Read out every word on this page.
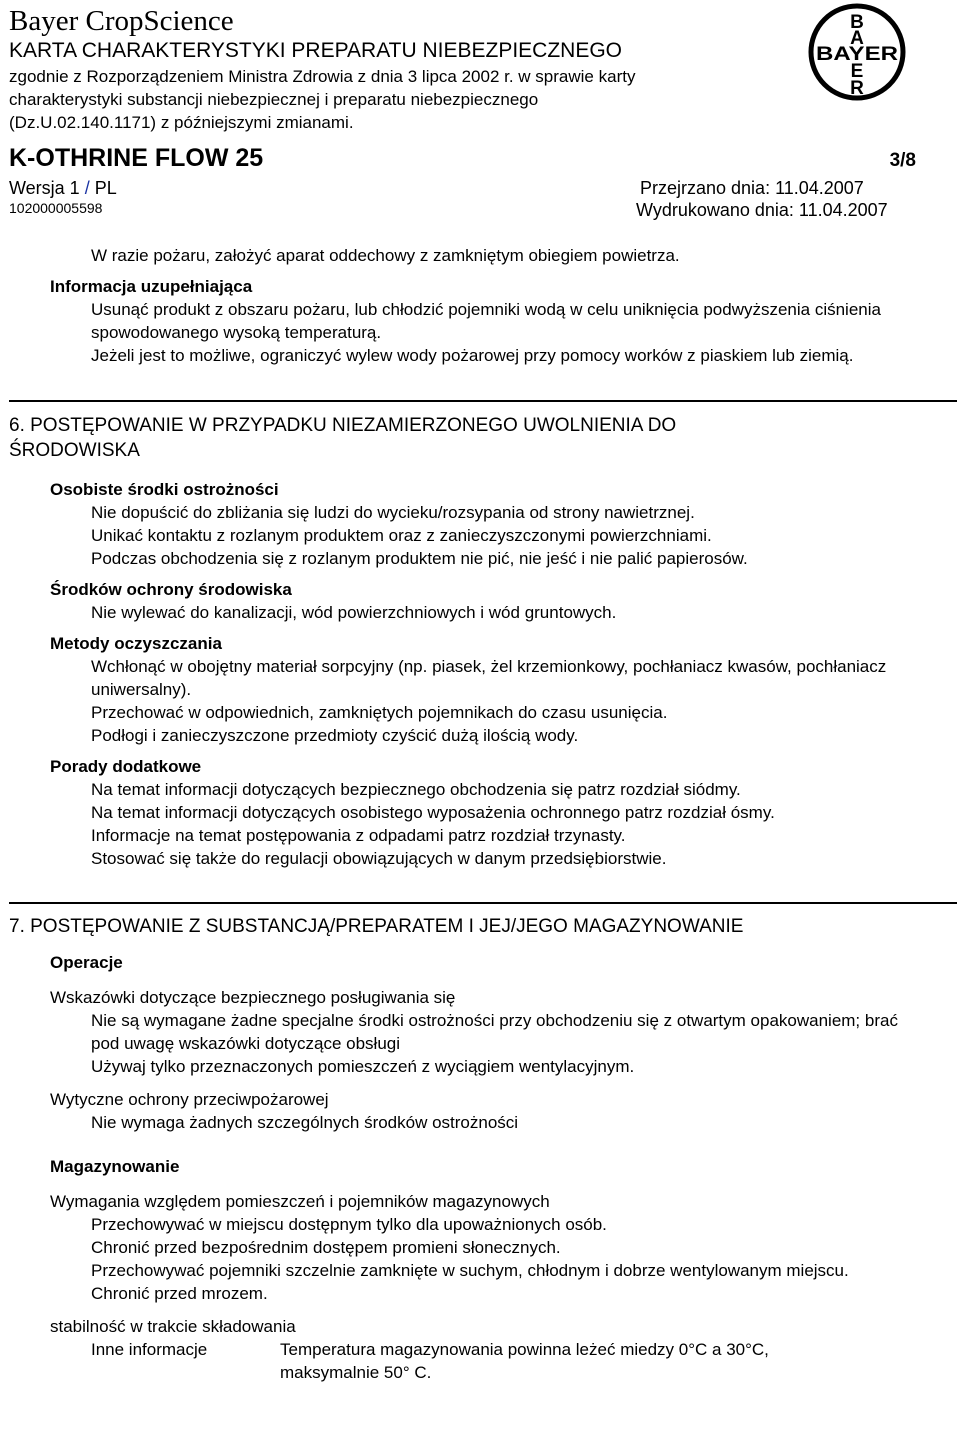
Bayer CropScience
KARTA CHARAKTERYSTYKI PREPARATU NIEBEZPIECZNEGO
zgodnie z Rozporządzeniem Ministra Zdrowia z dnia 3 lipca 2002 r. w sprawie karty
charakterystyki substancji niebezpiecznej i preparatu niebezpiecznego
(Dz.U.02.140.1171) z późniejszymi zmianami.
B
A
BAYER
E
R
K-OTHRINE FLOW 25	3/8
Wersja 1 / PL	Przejrzano dnia: 11.04.2007
102000005598	Wydrukowano dnia: 11.04.2007

W razie pożaru, założyć aparat oddechowy z zamkniętym obiegiem powietrza.

Informacja uzupełniająca

Usunąć produkt z obszaru pożaru, lub chłodzić pojemniki wodą w celu uniknięcia podwyższenia ciśnienia spowodowanego wysoką temperaturą.

Jeżeli jest to możliwe, ograniczyć wylew wody pożarowej przy pomocy worków z piaskiem lub ziemią.

6. POSTĘPOWANIE W PRZYPADKU NIEZAMIERZONEGO UWOLNIENIA DO

ŚRODOWISKA

Osobiste środki ostrożności

Nie dopuścić do zbliżania się ludzi do wycieku/rozsypania od strony nawietrznej.

Unikać kontaktu z rozlanym produktem oraz z zanieczyszczonymi powierzchniami.

Podczas obchodzenia się z rozlanym produktem nie pić, nie jeść i nie palić papierosów.

Środków ochrony środowiska

Nie wylewać do kanalizacji, wód powierzchniowych i wód gruntowych.

Metody oczyszczania

Wchłonąć w obojętny materiał sorpcyjny (np. piasek, żel krzemionkowy, pochłaniacz kwasów, pochłaniacz uniwersalny).

Przechować w odpowiednich, zamkniętych pojemnikach do czasu usunięcia.

Podłogi i zanieczyszczone przedmioty czyścić dużą ilością wody.

Porady dodatkowe

Na temat informacji dotyczących bezpiecznego obchodzenia się patrz rozdział siódmy.

Na temat informacji dotyczących osobistego wyposażenia ochronnego patrz rozdział ósmy.

Informacje na temat postępowania z odpadami patrz rozdział trzynasty.

Stosować się także do regulacji obowiązujących w danym przedsiębiorstwie.

7. POSTĘPOWANIE Z SUBSTANCJĄ/PREPARATEM I JEJ/JEGO MAGAZYNOWANIE

Operacje

Wskazówki dotyczące bezpiecznego posługiwania się

Nie są wymagane żadne specjalne środki ostrożności przy obchodzeniu się z otwartym opakowaniem; brać pod uwagę wskazówki dotyczące obsługi

Używaj tylko przeznaczonych pomieszczeń z wyciągiem wentylacyjnym.

Wytyczne ochrony przeciwpożarowej

Nie wymaga żadnych szczególnych środków ostrożności

Magazynowanie

Wymagania względem pomieszczeń i pojemników magazynowych

Przechowywać w miejscu dostępnym tylko dla upoważnionych osób.

Chronić przed bezpośrednim dostępem promieni słonecznych.

Przechowywać pojemniki szczelnie zamknięte w suchym, chłodnym i dobrze wentylowanym miejscu.

Chronić przed mrozem.

stabilność w trakcie składowania

Inne informacje	Temperatura magazynowania powinna leżeć miedzy 0°C a 30°C, maksymalnie 50° C.
